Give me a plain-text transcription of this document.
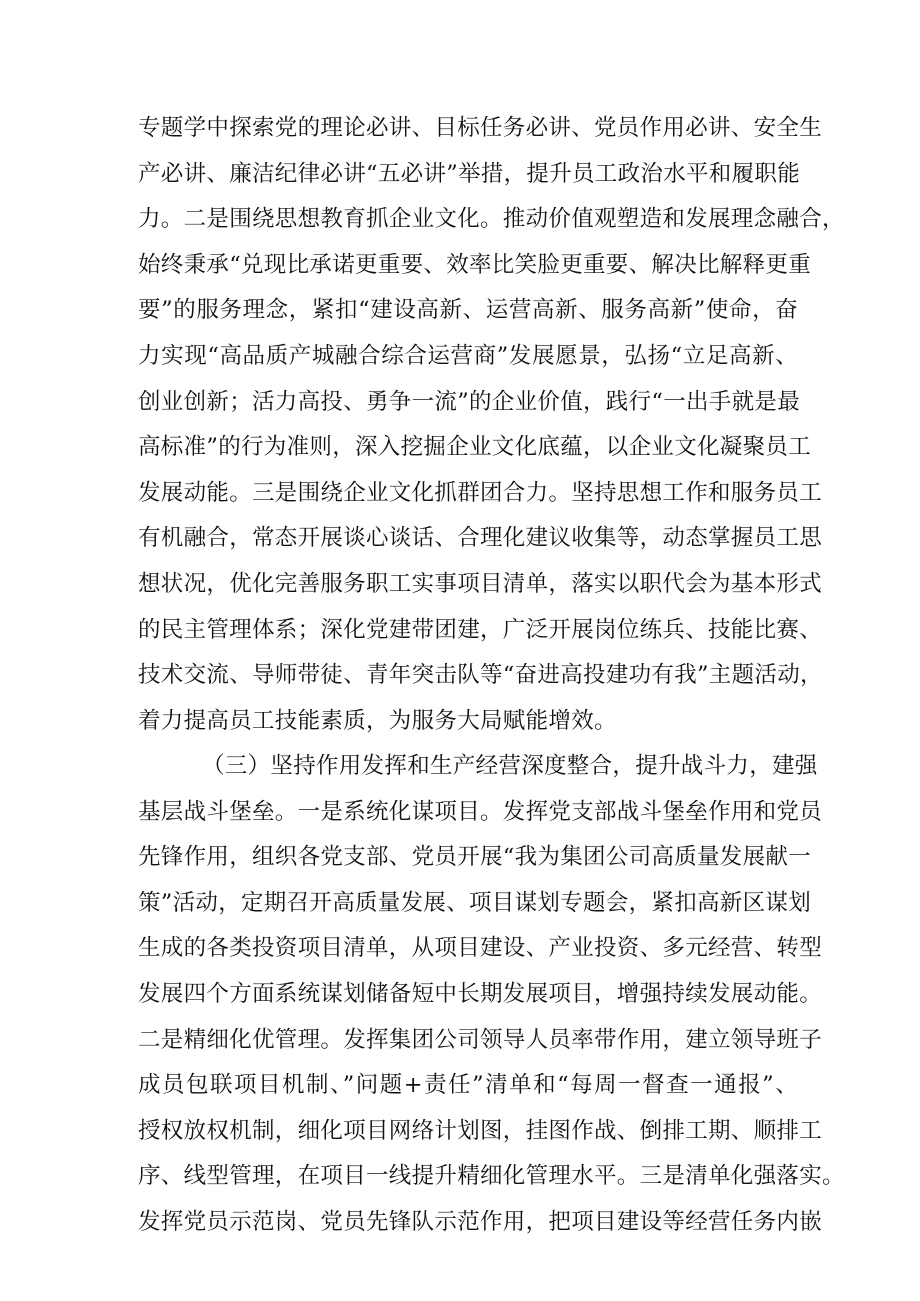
专题学中探索党的理论必讲、目标任务必讲、党员作用必讲、安全生
产必讲、廉洁纪律必讲“五必讲”举措，提升员工政治水平和履职能
力。二是围绕思想教育抓企业文化。推动价值观塑造和发展理念融合，
始终秉承“兑现比承诺更重要、效率比笑脸更重要、解决比解释更重
要”的服务理念，紧扣“建设高新、运营高新、服务高新”使命，奋
力实现“高品质产城融合综合运营商”发展愿景，弘扬“立足高新、
创业创新；活力高投、勇争一流”的企业价值，践行“一出手就是最
高标准”的行为准则，深入挖掘企业文化底蕴，以企业文化凝聚员工
发展动能。三是围绕企业文化抓群团合力。坚持思想工作和服务员工
有机融合，常态开展谈心谈话、合理化建议收集等，动态掌握员工思
想状况，优化完善服务职工实事项目清单，落实以职代会为基本形式
的民主管理体系；深化党建带团建，广泛开展岗位练兵、技能比赛、
技术交流、导师带徒、青年突击队等“奋进高投建功有我”主题活动，
着力提高员工技能素质，为服务大局赋能增效。
（三）坚持作用发挥和生产经营深度整合，提升战斗力，建强
基层战斗堡垒。一是系统化谋项目。发挥党支部战斗堡垒作用和党员
先锋作用，组织各党支部、党员开展“我为集团公司高质量发展献一
策”活动，定期召开高质量发展、项目谋划专题会，紧扣高新区谋划
生成的各类投资项目清单，从项目建设、产业投资、多元经营、转型
发展四个方面系统谋划储备短中长期发展项目，增强持续发展动能。
二是精细化优管理。发挥集团公司领导人员率带作用，建立领导班子
成员包联项目机制、”问题+责任”清单和“每周一督查一通报”、
授权放权机制，细化项目网络计划图，挂图作战、倒排工期、顺排工
序、线型管理，在项目一线提升精细化管理水平。三是清单化强落实。
发挥党员示范岗、党员先锋队示范作用，把项目建设等经营任务内嵌
